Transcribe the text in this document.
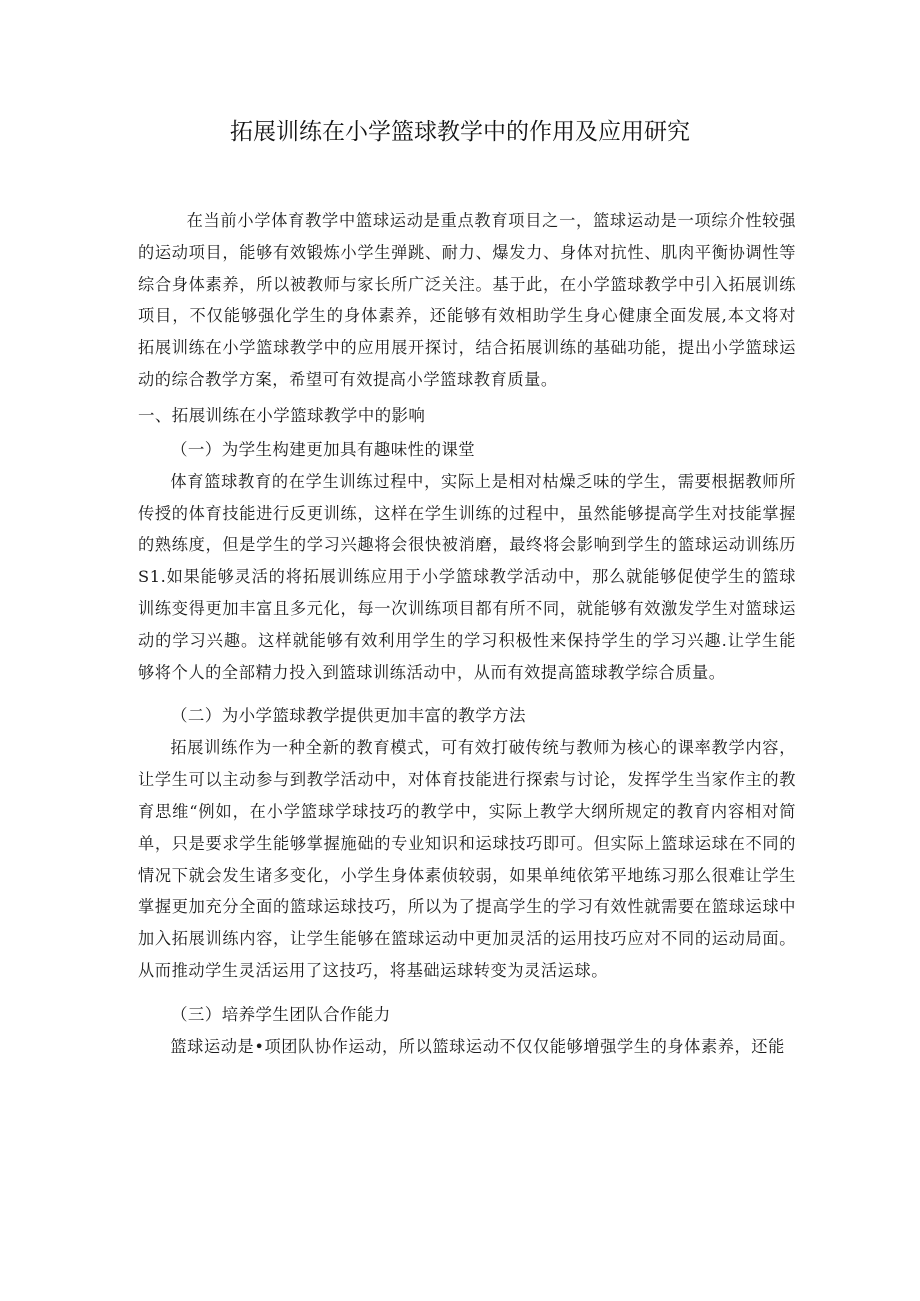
拓展训练在小学篮球教学中的作用及应用研究

在当前小学体育教学中篮球运动是重点教育项目之一，篮球运动是一项综介性较强的运动项目，能够有效锻炼小学生弹跳、耐力、爆发力、身体对抗性、肌肉平衡协调性等综合身体素养，所以被教师与家长所广泛关注。基于此，在小学篮球教学中引入拓展训练项目，不仅能够强化学生的身体素养，还能够有效相助学生身心健康全面发展,本文将对拓展训练在小学篮球教学中的应用展开探讨，结合拓展训练的基础功能，提出小学篮球运动的综合教学方案，希望可有效提高小学篮球教育质量。

一、拓展训练在小学篮球教学中的影响
（一）为学生构建更加具有趣味性的课堂

体育篮球教育的在学生训练过程中，实际上是相对枯燥乏味的学生，需要根据教师所传授的体育技能进行反更训练，这样在学生训练的过程中，虽然能够提高学生对技能掌握的熟练度，但是学生的学习兴趣将会很快被消磨，最终将会影响到学生的篮球运动训练历S1.如果能够灵活的将拓展训练应用于小学篮球教学活动中，那么就能够促使学生的篮球训练变得更加丰富且多元化，每一次训练项目都有所不同，就能够有效激发学生对篮球运动的学习兴趣。这样就能够有效利用学生的学习积极性来保持学生的学习兴趣.让学生能够将个人的全部精力投入到篮球训练活动中，从而有效提高篮球教学综合质量。

（二）为小学篮球教学提供更加丰富的教学方法

拓展训练作为一种全新的教育模式，可有效打破传统与教师为核心的课率教学内容，让学生可以主动参与到教学活动中，对体育技能进行探索与讨论，发挥学生当家作主的教育思维“例如，在小学篮球学球技巧的教学中，实际上教学大纲所规定的教育内容相对简单，只是要求学生能够掌握施础的专业知识和运球技巧即可。但实际上篮球运球在不同的情况下就会发生诸多变化，小学生身体素侦较弱，如果单纯依笫平地练习那么很难让学生掌握更加充分全面的篮球运球技巧，所以为了提高学生的学习有效性就需要在篮球运球中加入拓展训练内容，让学生能够在篮球运动中更加灵活的运用技巧应对不同的运动局面。从而推动学生灵活运用了这技巧，将基础运球转变为灵活运球。

（三）培养学生团队合作能力

篮球运动是•项团队协作运动，所以篮球运动不仅仅能够增强学生的身体素养，还能
